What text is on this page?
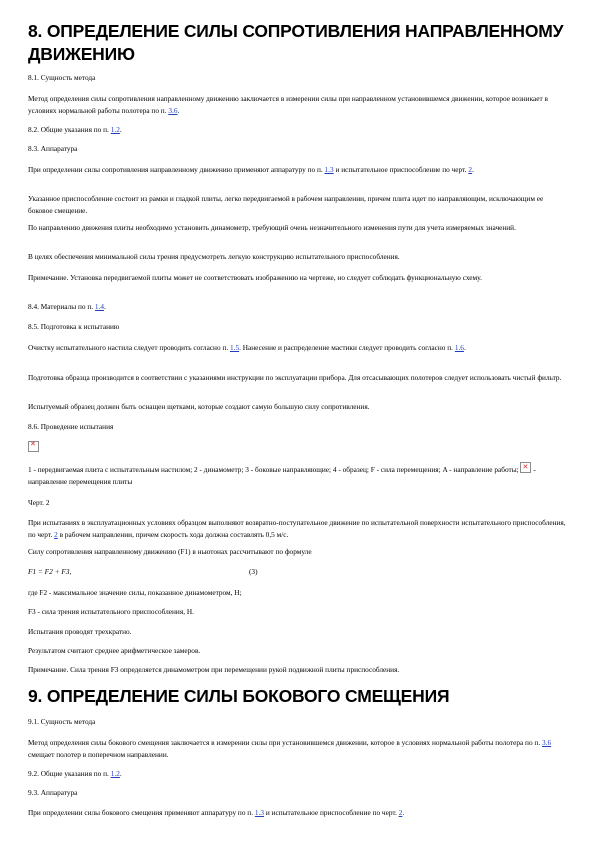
8. ОПРЕДЕЛЕНИЕ СИЛЫ СОПРОТИВЛЕНИЯ НАПРАВЛЕННОМУ ДВИЖЕНИЮ

8.1. Сущность метода

Метод определения силы сопротивления направленному движению заключается в измерении силы при направленном установившемся движении, которое возникает в условиях нормальной работы полотера по п. 3.6.

8.2. Общие указания по п. 1.2.

8.3. Аппаратура

При определении силы сопротивления направленному движению применяют аппаратуру по п. 1.3 и испытательное приспособление по черт. 2.

Указанное приспособление состоит из рамки и гладкой плиты, легко передвигаемой в рабочем направлении, причем плита идет по направляющим, исключающим ее боковое смещение.

По направлению движения плиты необходимо установить динамометр, требующий очень незначительного изменения пути для учета измеряемых значений.

В целях обеспечения минимальной силы трения предусмотреть легкую конструкцию испытательного приспособления.

Примечание. Установка передвигаемой плиты может не соответствовать изображению на чертеже, но следует соблюдать функциональную схему.

8.4. Материалы по п. 1.4.

8.5. Подготовка к испытанию

Очистку испытательного настила следует проводить согласно п. 1.5. Нанесение и распределение мастики следует проводить согласно п. 1.6.

Подготовка образца производится в соответствии с указаниями инструкции по эксплуатации прибора. Для отсасывающих полотеров следует использовать чистый фильтр.

Испытуемый образец должен быть оснащен щетками, которые создают самую большую силу сопротивления.

8.6. Проведение испытания

✕

1 - передвигаемая плита с испытательным настилом; 2 - динамометр; 3 - боковые направляющие; 4 - образец; F - сила перемещения; A - направление работы; ✕ - направление перемещения плиты

Черт. 2

При испытаниях в эксплуатационных условиях образцом выполняют возвратно-поступательное движение по испытательной поверхности испытательного приспособления, по черт. 2 в рабочем направлении, причем скорость хода должна составлять 0,5 м/с.

Силу сопротивления направленному движению (F1) в ньютонах рассчитывают по формуле

F1 = F2 + F3,	(3)

где F2 - максимальное значение силы, показанное динамометром, Н;

F3 - сила трения испытательного приспособления, Н.

Испытания проводят трехкратно.

Результатом считают среднее арифметическое замеров.

Примечание. Сила трения F3 определяется динамометром при перемещении рукой подвижной плиты приспособления.

9. ОПРЕДЕЛЕНИЕ СИЛЫ БОКОВОГО СМЕЩЕНИЯ

9.1. Сущность метода

Метод определения силы бокового смещения заключается в измерении силы при установившемся движении, которое в условиях нормальной работы полотера по п. 3.6 смещает полотер в поперечном направлении.

9.2. Общие указания по п. 1.2.

9.3. Аппаратура

При определении силы бокового смещения применяют аппаратуру по п. 1.3 и испытательное приспособление по черт. 2.
